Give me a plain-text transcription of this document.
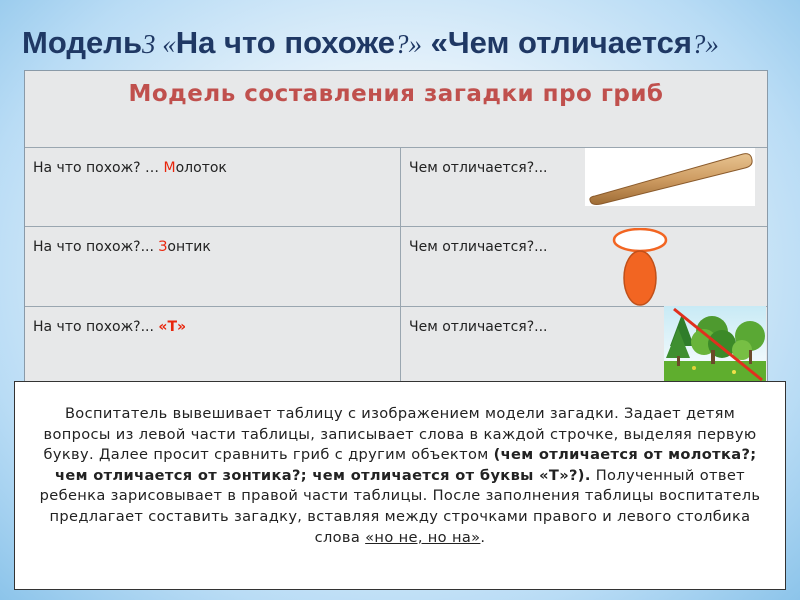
Модель3 «На что похоже?» «Чем отличается?»
Модель составления загадки про гриб
На что похож? … Молоток	Чем отличается?...
На что похож?... Зонтик	Чем отличается?...
На что похож?... «Т»	Чем отличается?...
Воспитатель вывешивает таблицу с изображением модели загадки. Задает детям вопросы из левой части таблицы, записывает слова в каждой строчке, выделяя первую букву. Далее просит сравнить гриб с другим объектом (чем отличается от молотка?; чем отличается от зонтика?; чем отличается от буквы «Т»?). Полученный ответ ребенка зарисовывает в правой части таблицы. После заполнения таблицы воспитатель предлагает составить загадку, вставляя между строчками правого и левого столбика слова «но не, но на».
